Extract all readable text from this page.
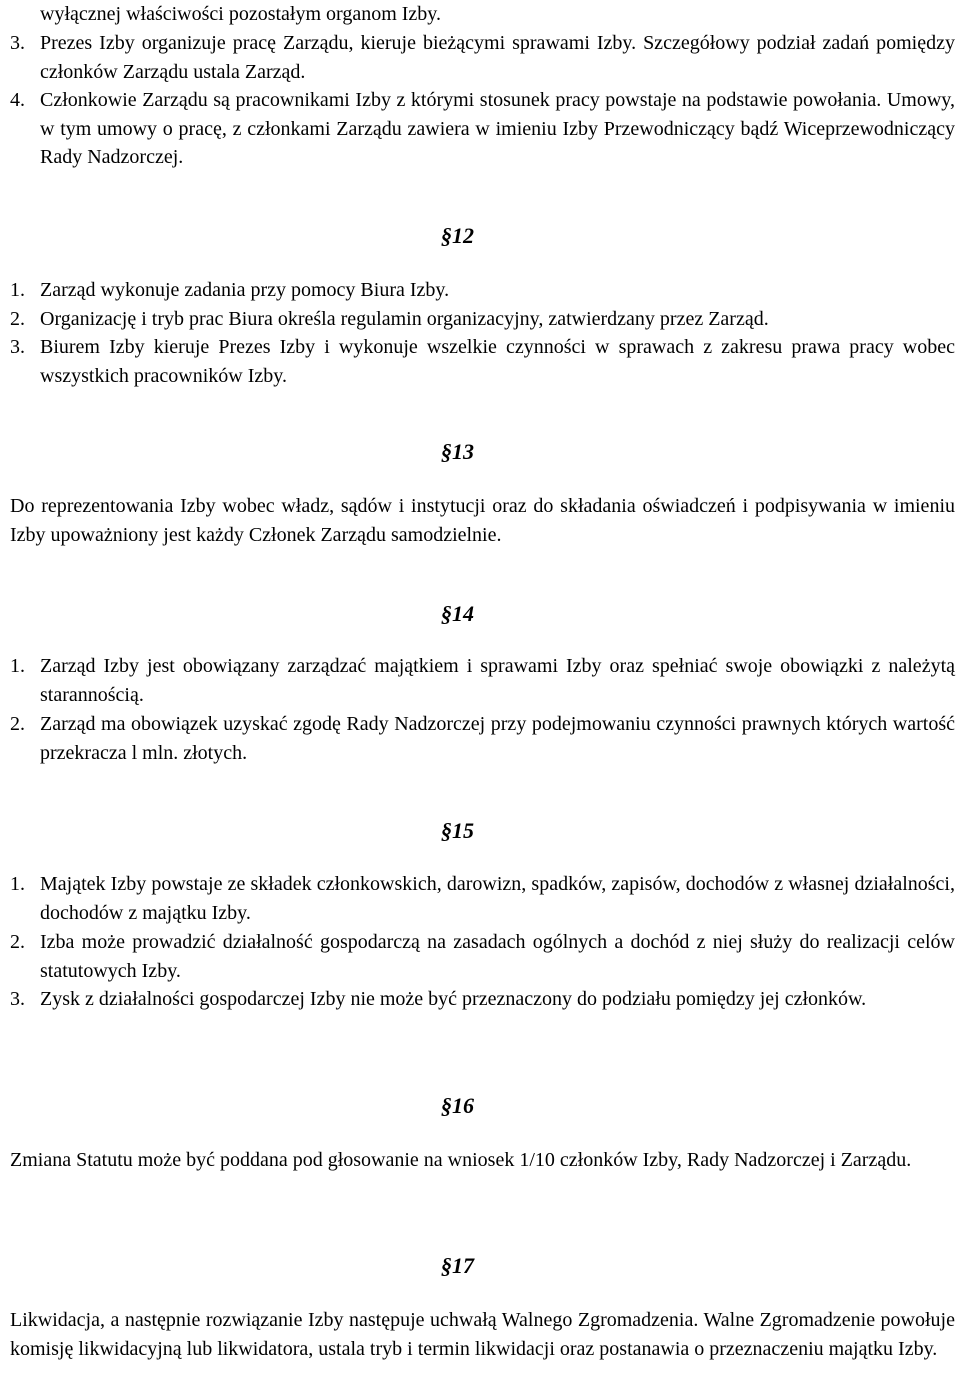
wyłącznej właściwości pozostałym organom Izby.

3. Prezes Izby organizuje pracę Zarządu, kieruje bieżącymi sprawami Izby. Szczegółowy podział zadań pomiędzy członków Zarządu ustala Zarząd.
4. Członkowie Zarządu są pracownikami Izby z którymi stosunek pracy powstaje na podstawie powołania. Umowy, w tym umowy o pracę, z członkami Zarządu zawiera w imieniu Izby Przewodniczący bądź Wiceprzewodniczący Rady Nadzorczej.
§12
1. Zarząd wykonuje zadania przy pomocy Biura Izby.
2. Organizację i tryb prac Biura określa regulamin organizacyjny, zatwierdzany przez Zarząd.
3. Biurem Izby kieruje Prezes Izby i wykonuje wszelkie czynności w sprawach z zakresu prawa pracy wobec wszystkich pracowników Izby.
§13

Do reprezentowania Izby wobec władz, sądów i instytucji oraz do składania oświadczeń i podpisywania w imieniu Izby upoważniony jest każdy Członek Zarządu samodzielnie.

§14
1. Zarząd Izby jest obowiązany zarządzać majątkiem i sprawami Izby oraz spełniać swoje obowiązki z należytą starannością.
2. Zarząd ma obowiązek uzyskać zgodę Rady Nadzorczej przy podejmowaniu czynności prawnych których wartość przekracza l mln. złotych.
§15
1. Majątek Izby powstaje ze składek członkowskich, darowizn, spadków, zapisów, dochodów z własnej działalności, dochodów z majątku Izby.
2. Izba może prowadzić działalność gospodarczą na zasadach ogólnych a dochód z niej służy do realizacji celów statutowych Izby.
3. Zysk z działalności gospodarczej Izby nie może być przeznaczony do podziału pomiędzy jej członków.
§16

Zmiana Statutu może być poddana pod głosowanie na wniosek 1/10 członków Izby, Rady Nadzorczej i Zarządu.

§17

Likwidacja, a następnie rozwiązanie Izby następuje uchwałą Walnego Zgromadzenia. Walne Zgromadzenie powołuje komisję likwidacyjną lub likwidatora, ustala tryb i termin likwidacji oraz postanawia o przeznaczeniu majątku Izby.
